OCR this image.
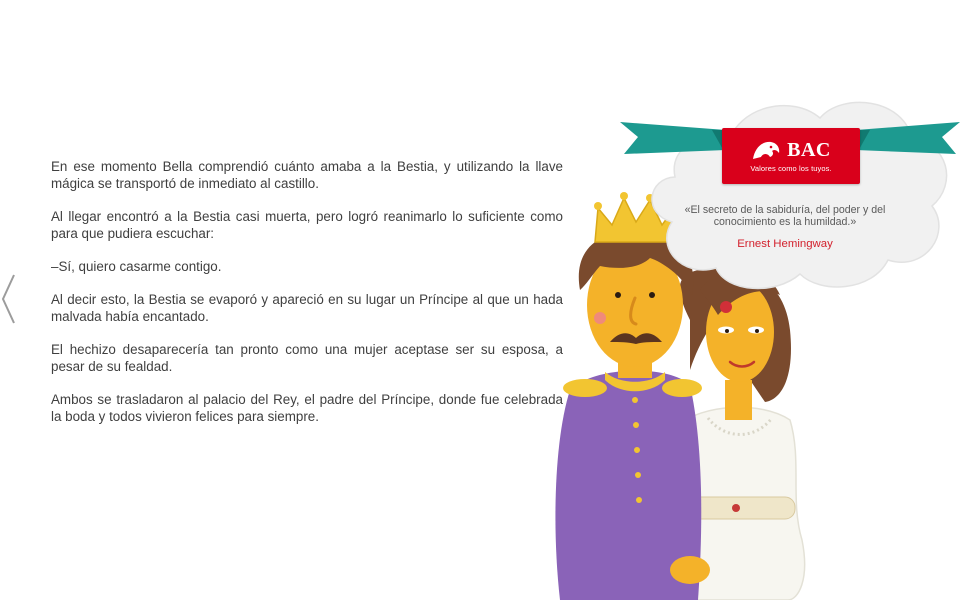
En ese momento Bella comprendió cuánto amaba a la Bestia, y utilizando la llave mágica se transportó de inmediato al castillo.

Al llegar encontró a la Bestia casi muerta, pero logró reanimarlo lo suficiente como para que pudiera escuchar:

–Sí, quiero casarme contigo.

Al decir esto, la Bestia se evaporó y apareció en su lugar un Príncipe al que un hada malvada había encantado.

El hechizo desaparecería tan pronto como una mujer aceptase ser su esposa, a pesar de su fealdad.

Ambos se trasladaron al palacio del Rey, el padre del Príncipe, donde fue celebrada la boda y todos vivieron felices para siempre.

BAC
Valores como los tuyos.
«El secreto de la sabiduría, del poder y del conocimiento es la humildad.»
Ernest Hemingway
